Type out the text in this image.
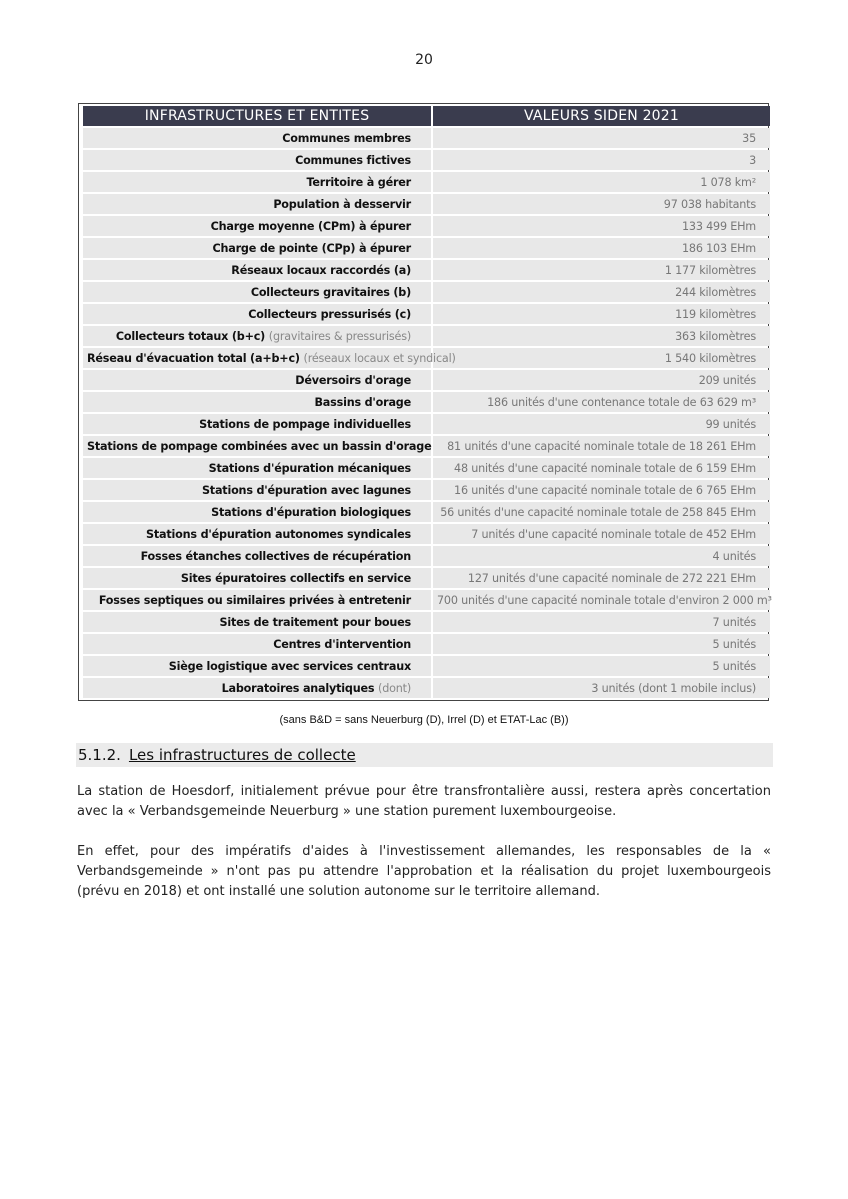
20
INFRASTRUCTURES ET ENTITES	VALEURS SIDEN 2021
Communes membres	35
Communes fictives	3
Territoire à gérer	1 078 km²
Population à desservir	97 038 habitants
Charge moyenne (CPm) à épurer	133 499 EHm
Charge de pointe (CPp) à épurer	186 103 EHm
Réseaux locaux raccordés (a)	1 177 kilomètres
Collecteurs gravitaires (b)	244 kilomètres
Collecteurs pressurisés (c)	119 kilomètres
Collecteurs totaux (b+c) (gravitaires & pressurisés)	363 kilomètres
Réseau d'évacuation total (a+b+c) (réseaux locaux et syndical)	1 540 kilomètres
Déversoirs d'orage	209 unités
Bassins d'orage	186 unités d'une contenance totale de 63 629 m³
Stations de pompage individuelles	99 unités
Stations de pompage combinées avec un bassin d'orage	81 unités d'une capacité nominale totale de 18 261 EHm
Stations d'épuration mécaniques	48 unités d'une capacité nominale totale de 6 159 EHm
Stations d'épuration avec lagunes	16 unités d'une capacité nominale totale de 6 765 EHm
Stations d'épuration biologiques	56 unités d'une capacité nominale totale de 258 845 EHm
Stations d'épuration autonomes syndicales	7 unités d'une capacité nominale totale de 452 EHm
Fosses étanches collectives de récupération	4 unités
Sites épuratoires collectifs en service	127 unités d'une capacité nominale de 272 221 EHm
Fosses septiques ou similaires privées à entretenir	700 unités d'une capacité nominale totale d'environ 2 000 m³
Sites de traitement pour boues	7 unités
Centres d'intervention	5 unités
Siège logistique avec services centraux	5 unités
Laboratoires analytiques (dont)	3 unités (dont 1 mobile inclus)
(sans B&D = sans Neuerburg (D), Irrel (D) et ETAT-Lac (B))
5.1.2. Les infrastructures de collecte

La station de Hoesdorf, initialement prévue pour être transfrontalière aussi, restera après concertation avec la « Verbandsgemeinde Neuerburg » une station purement luxembourgeoise.

En effet, pour des impératifs d'aides à l'investissement allemandes, les responsables de la « Verbandsgemeinde » n'ont pas pu attendre l'approbation et la réalisation du projet luxembourgeois (prévu en 2018) et ont installé une solution autonome sur le territoire allemand.
